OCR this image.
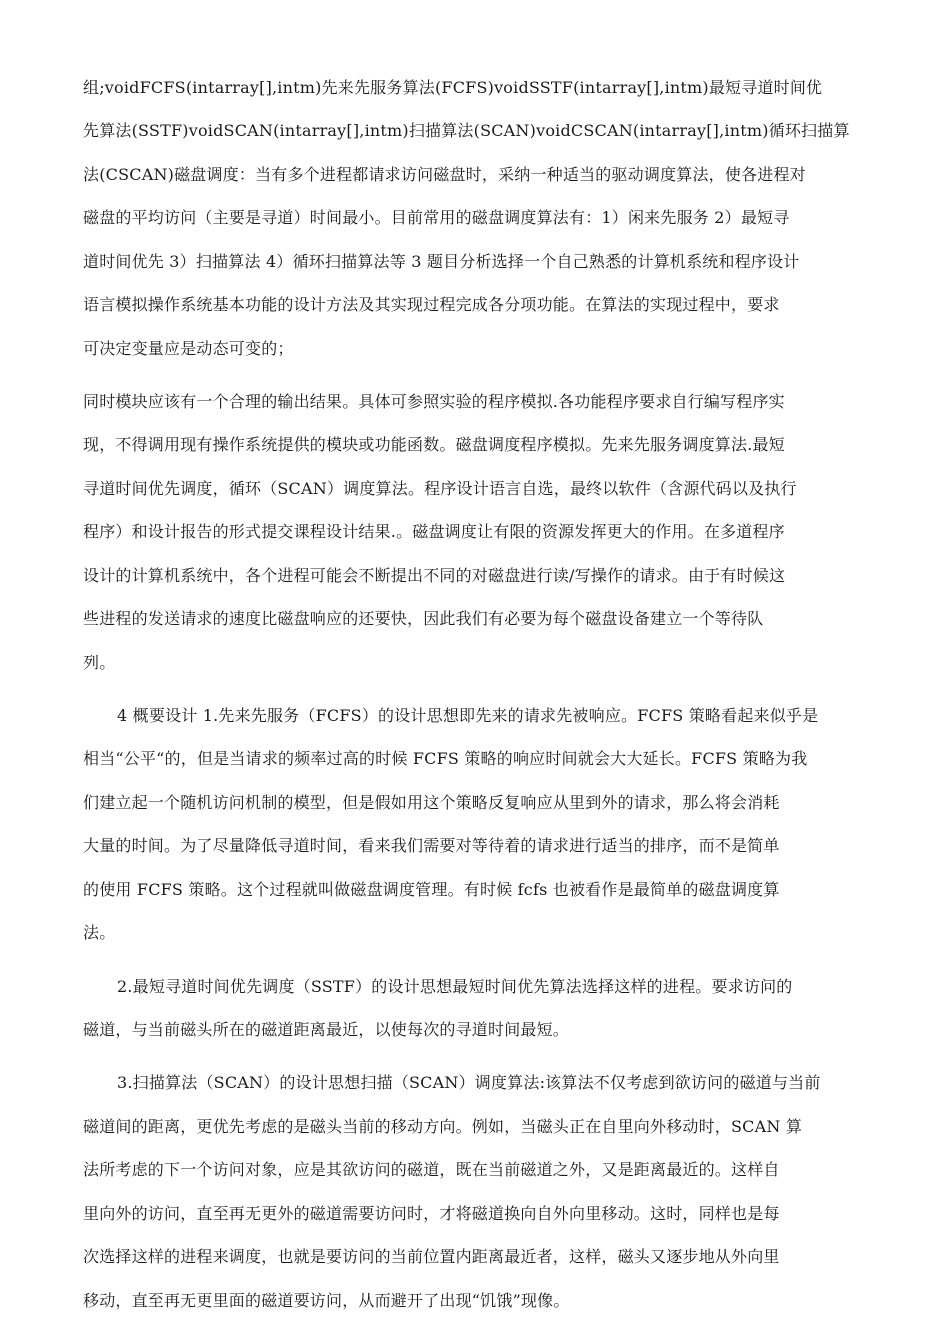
组;voidFCFS(intarray[],intm)先来先服务算法(FCFS)voidSSTF(intarray[],intm)最短寻道时间优
先算法(SSTF)voidSCAN(intarray[],intm)扫描算法(SCAN)voidCSCAN(intarray[],intm)循环扫描算
法(CSCAN)磁盘调度：当有多个进程都请求访问磁盘时，采纳一种适当的驱动调度算法，使各进程对
磁盘的平均访问（主要是寻道）时间最小。目前常用的磁盘调度算法有：1）闲来先服务 2）最短寻
道时间优先 3）扫描算法 4）循环扫描算法等 3 题目分析选择一个自己熟悉的计算机系统和程序设计
语言模拟操作系统基本功能的设计方法及其实现过程完成各分项功能。在算法的实现过程中，要求
可决定变量应是动态可变的；
同时模块应该有一个合理的输出结果。具体可参照实验的程序模拟.各功能程序要求自行编写程序实
现，不得调用现有操作系统提供的模块或功能函数。磁盘调度程序模拟。先来先服务调度算法.最短
寻道时间优先调度，循环（SCAN）调度算法。程序设计语言自选，最终以软件（含源代码以及执行
程序）和设计报告的形式提交课程设计结果.。磁盘调度让有限的资源发挥更大的作用。在多道程序
设计的计算机系统中，各个进程可能会不断提出不同的对磁盘进行读/写操作的请求。由于有时候这
些进程的发送请求的速度比磁盘响应的还要快，因此我们有必要为每个磁盘设备建立一个等待队
列。
4 概要设计 1.先来先服务（FCFS）的设计思想即先来的请求先被响应。FCFS 策略看起来似乎是
相当“公平“的，但是当请求的频率过高的时候 FCFS 策略的响应时间就会大大延长。FCFS 策略为我
们建立起一个随机访问机制的模型，但是假如用这个策略反复响应从里到外的请求，那么将会消耗
大量的时间。为了尽量降低寻道时间，看来我们需要对等待着的请求进行适当的排序，而不是简单
的使用 FCFS 策略。这个过程就叫做磁盘调度管理。有时候 fcfs 也被看作是最简单的磁盘调度算
法。
2.最短寻道时间优先调度（SSTF）的设计思想最短时间优先算法选择这样的进程。要求访问的
磁道，与当前磁头所在的磁道距离最近，以使每次的寻道时间最短。
3.扫描算法（SCAN）的设计思想扫描（SCAN）调度算法:该算法不仅考虑到欲访问的磁道与当前
磁道间的距离，更优先考虑的是磁头当前的移动方向。例如，当磁头正在自里向外移动时，SCAN 算
法所考虑的下一个访问对象，应是其欲访问的磁道，既在当前磁道之外，又是距离最近的。这样自
里向外的访问，直至再无更外的磁道需要访问时，才将磁道换向自外向里移动。这时，同样也是每
次选择这样的进程来调度，也就是要访问的当前位置内距离最近者，这样，磁头又逐步地从外向里
移动，直至再无更里面的磁道要访问，从而避开了出现“饥饿”现像。
